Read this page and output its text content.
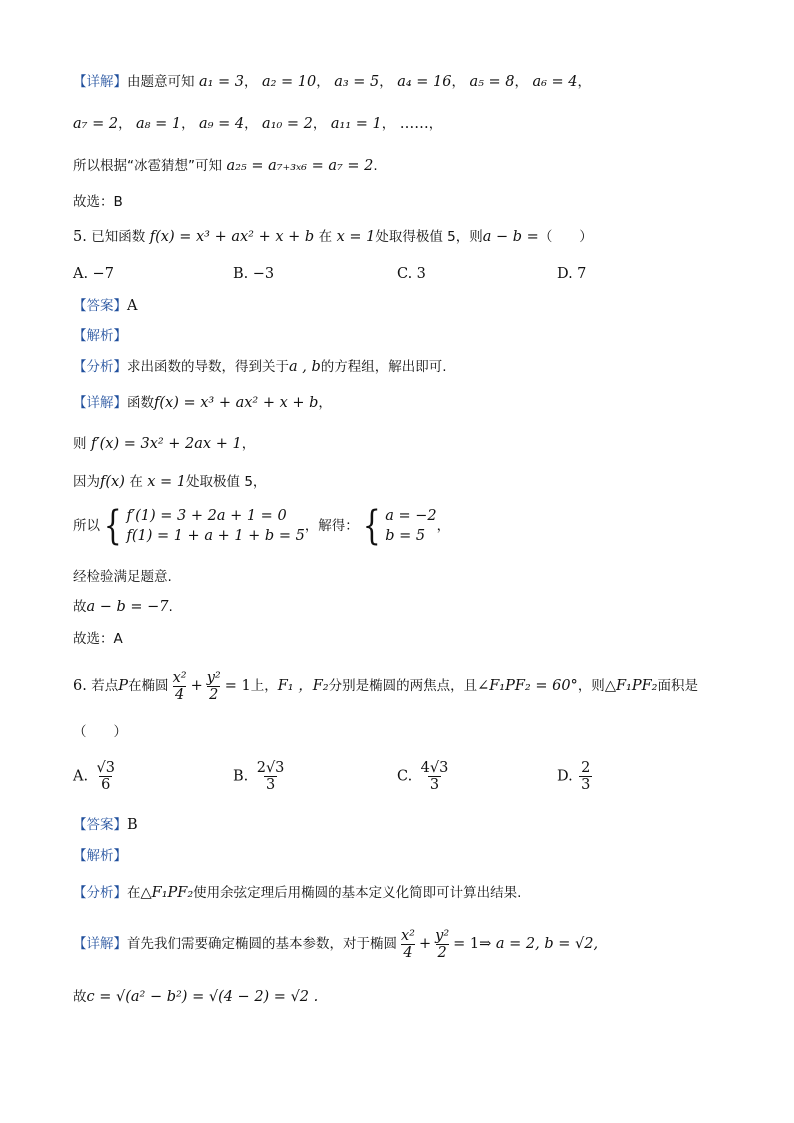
【详解】由题意可知 a₁ = 3， a₂ = 10， a₃ = 5， a₄ = 16， a₅ = 8， a₆ = 4，
a₇ = 2， a₈ = 1， a₉ = 4， a₁₀ = 2， a₁₁ = 1， ……，
所以根据“冰雹猜想”可知 a₂₅ = a₇₊₃ₓ₆ = a₇ = 2.
故选：B
5. 已知函数 f(x) = x³ + ax² + x + b 在 x = 1处取得极值 5，则a − b =（　　）
A. −7	B. −3	C. 3	D. 7
【答案】A
【解析】
【分析】求出函数的导数，得到关于a , b的方程组，解出即可.
【详解】函数f(x) = x³ + ax² + x + b，
则 f′(x) = 3x² + 2ax + 1，
因为f(x) 在 x = 1处取极值 5，
所以{ f′(1) = 3 + 2a + 1 = 0
f(1) = 1 + a + 1 + b = 5
，解得：{ a = −2
b = 5
，
经检验满足题意.
故a − b = −7.
故选：A
6. 若点P在椭圆 $\frac{\text{x²}}{4} + \frac{\text{y²}}{2} = 1$上，F₁ ，F₂分别是椭圆的两焦点，且∠F₁PF₂ = 60°，则△F₁PF₂面积是
（　　）
A. $\frac{√3}{6}$	B. $\frac{2√3}{3}$	C. $\frac{4√3}{3}$	D. $\frac{2}{3}$
【答案】B
【解析】
【分析】在△F₁PF₂使用余弦定理后用椭圆的基本定义化简即可计算出结果.
【详解】首先我们需要确定椭圆的基本参数，对于椭圆 $\frac{\text{x²}}{4} + \frac{\text{y²}}{2}$ = 1⇒ a = 2, b = √2,
故c = √(a² − b²) = √(4 − 2) = √2 .
